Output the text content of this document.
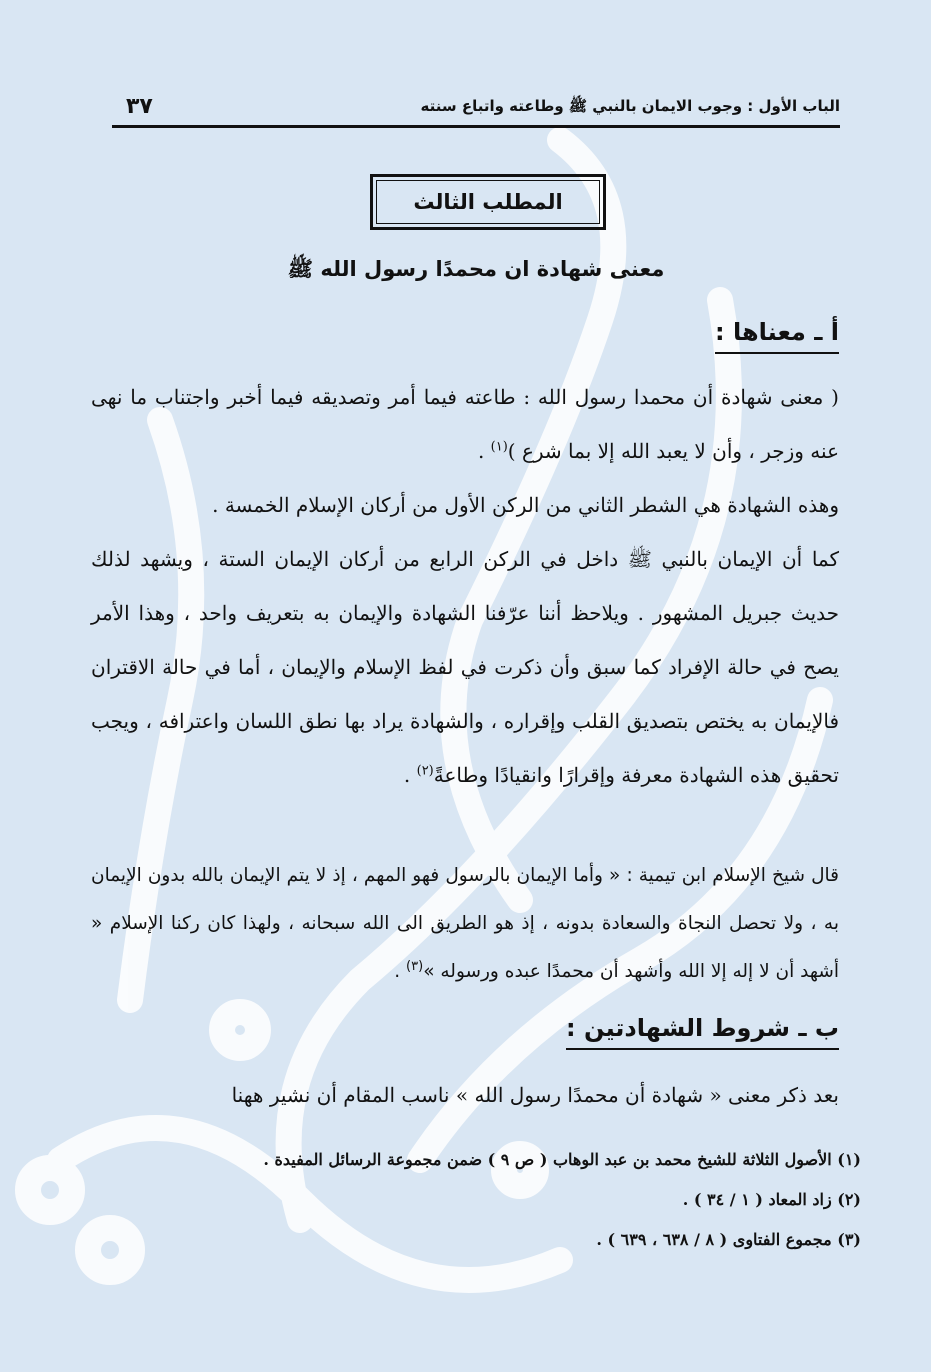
الباب الأول : وجوب الايمان بالنبي ﷺ وطاعته واتباع سنته
٣٧
المطلب الثالث
معنى شهادة ان محمدًا رسول الله ﷺ
أ ـ معناها :

( معنى شهادة أن محمدا رسول الله : طاعته فيما أمر وتصديقه فيما أخبر واجتناب ما نهى عنه وزجر ، وأن لا يعبد الله إلا بما شرع )$^{(١)}$ .

وهذه الشهادة هي الشطر الثاني من الركن الأول من أركان الإسلام الخمسة .

كما أن الإيمان بالنبي ﷺ داخل في الركن الرابع من أركان الإيمان الستة ، ويشهد لذلك حديث جبريل المشهور . ويلاحظ أننا عرّفنا الشهادة والإيمان به بتعريف واحد ، وهذا الأمر يصح في حالة الإفراد كما سبق وأن ذكرت في لفظ الإسلام والإيمان ، أما في حالة الاقتران فالإيمان به يختص بتصديق القلب وإقراره ، والشهادة يراد بها نطق اللسان واعترافه ، ويجب تحقيق هذه الشهادة معرفة وإقرارًا وانقيادًا وطاعةً$^{(٢)}$ .

قال شيخ الإسلام ابن تيمية : « وأما الإيمان بالرسول فهو المهم ، إذ لا يتم الإيمان بالله بدون الإيمان به ، ولا تحصل النجاة والسعادة بدونه ، إذ هو الطريق الى الله سبحانه ، ولهذا كان ركنا الإسلام « أشهد أن لا إله إلا الله وأشهد أن محمدًا عبده ورسوله »$^{(٣)}$ .

ب ـ شروط الشهادتين :

بعد ذكر معنى « شهادة أن محمدًا رسول الله » ناسب المقام أن نشير ههنا

(١) الأصول الثلاثة للشيخ محمد بن عبد الوهاب ( ص ٩ ) ضمن مجموعة الرسائل المفيدة .
(٢) زاد المعاد ( ١ / ٣٤ ) .
(٣) مجموع الفتاوى ( ٨ / ٦٣٨ ، ٦٣٩ ) .
